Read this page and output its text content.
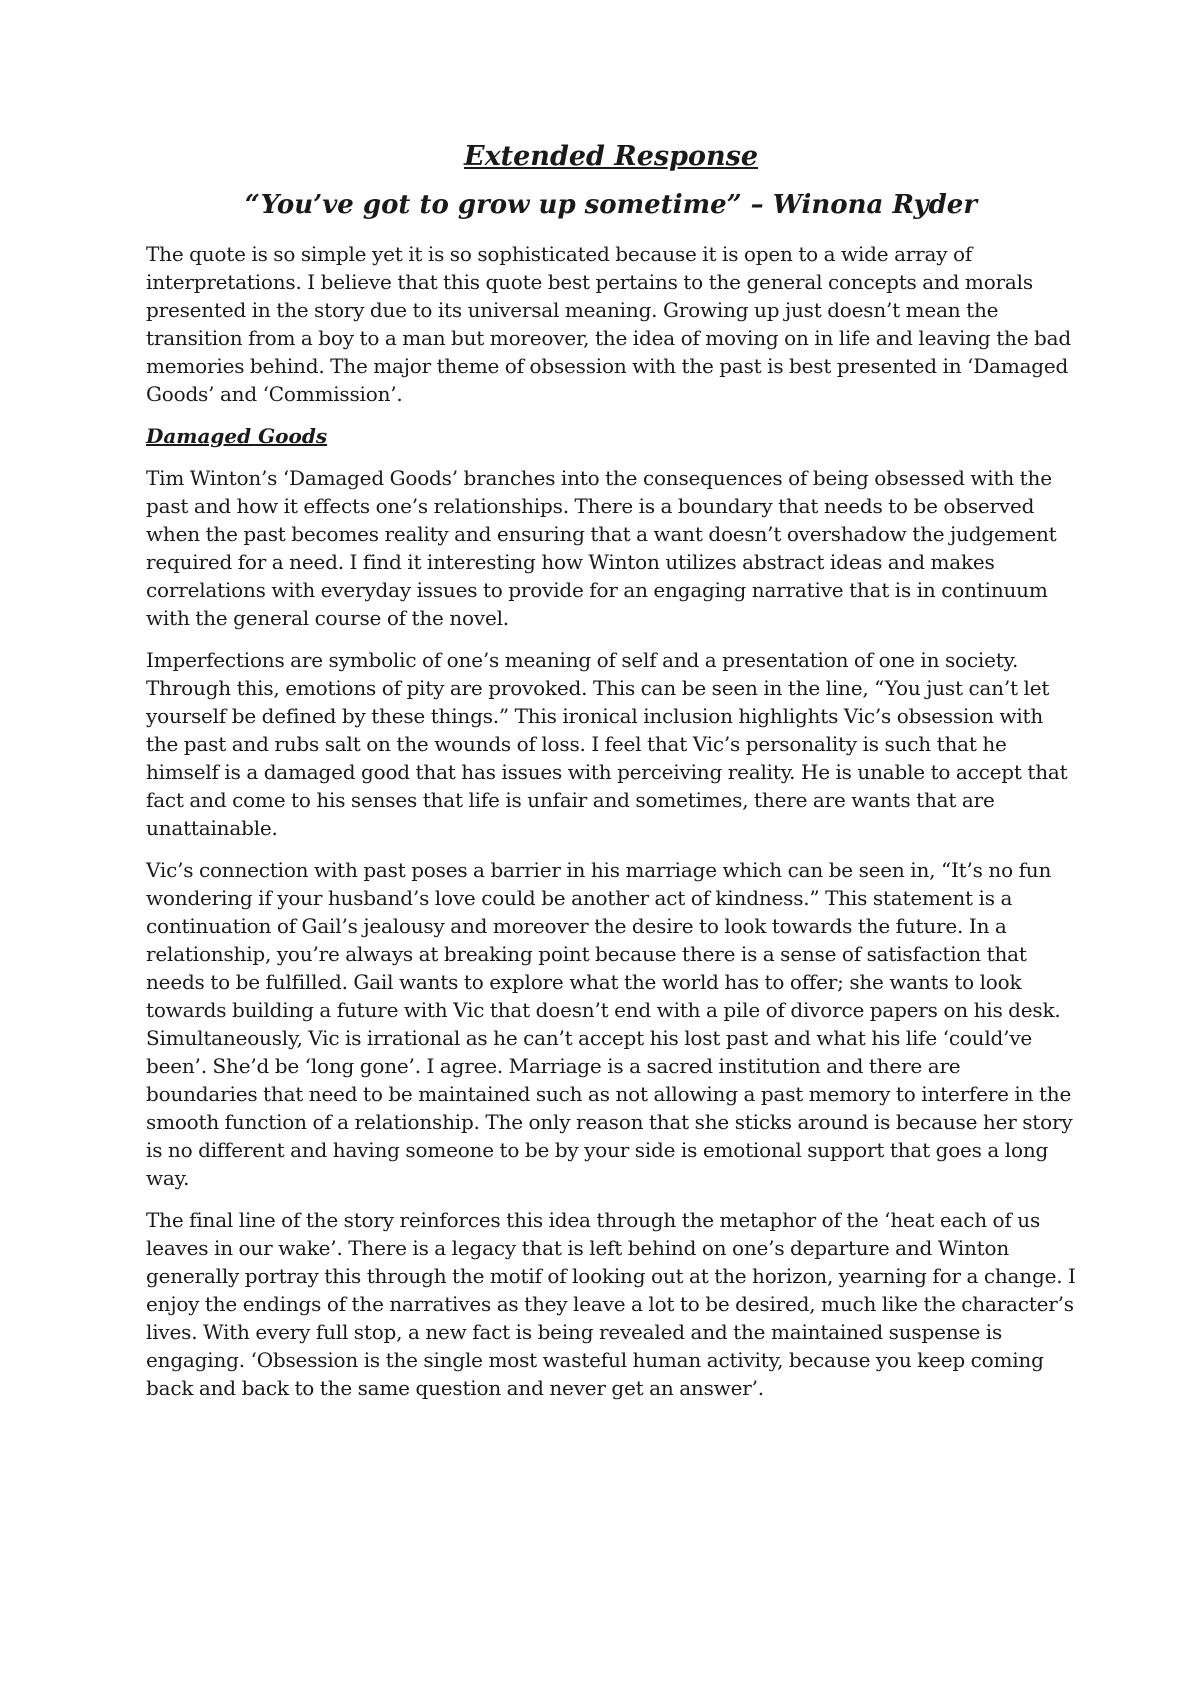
Extended Response
“You’ve got to grow up sometime” – Winona Ryder

The quote is so simple yet it is so sophisticated because it is open to a wide array of interpretations. I believe that this quote best pertains to the general concepts and morals presented in the story due to its universal meaning. Growing up just doesn’t mean the transition from a boy to a man but moreover, the idea of moving on in life and leaving the bad memories behind. The major theme of obsession with the past is best presented in ‘Damaged Goods’ and ‘Commission’.

Damaged Goods

Tim Winton’s ‘Damaged Goods’ branches into the consequences of being obsessed with the past and how it effects one’s relationships. There is a boundary that needs to be observed when the past becomes reality and ensuring that a want doesn’t overshadow the judgement required for a need. I find it interesting how Winton utilizes abstract ideas and makes correlations with everyday issues to provide for an engaging narrative that is in continuum with the general course of the novel.

Imperfections are symbolic of one’s meaning of self and a presentation of one in society. Through this, emotions of pity are provoked. This can be seen in the line, “You just can’t let yourself be defined by these things.” This ironical inclusion highlights Vic’s obsession with the past and rubs salt on the wounds of loss. I feel that Vic’s personality is such that he himself is a damaged good that has issues with perceiving reality. He is unable to accept that fact and come to his senses that life is unfair and sometimes, there are wants that are unattainable.

Vic’s connection with past poses a barrier in his marriage which can be seen in, “It’s no fun wondering if your husband’s love could be another act of kindness.” This statement is a continuation of Gail’s jealousy and moreover the desire to look towards the future. In a relationship, you’re always at breaking point because there is a sense of satisfaction that needs to be fulfilled. Gail wants to explore what the world has to offer; she wants to look towards building a future with Vic that doesn’t end with a pile of divorce papers on his desk. Simultaneously, Vic is irrational as he can’t accept his lost past and what his life ‘could’ve been’. She’d be ‘long gone’. I agree. Marriage is a sacred institution and there are boundaries that need to be maintained such as not allowing a past memory to interfere in the smooth function of a relationship. The only reason that she sticks around is because her story is no different and having someone to be by your side is emotional support that goes a long way.

The final line of the story reinforces this idea through the metaphor of the ‘heat each of us leaves in our wake’. There is a legacy that is left behind on one’s departure and Winton generally portray this through the motif of looking out at the horizon, yearning for a change. I enjoy the endings of the narratives as they leave a lot to be desired, much like the character’s lives. With every full stop, a new fact is being revealed and the maintained suspense is engaging. ‘Obsession is the single most wasteful human activity, because you keep coming back and back to the same question and never get an answer’.
